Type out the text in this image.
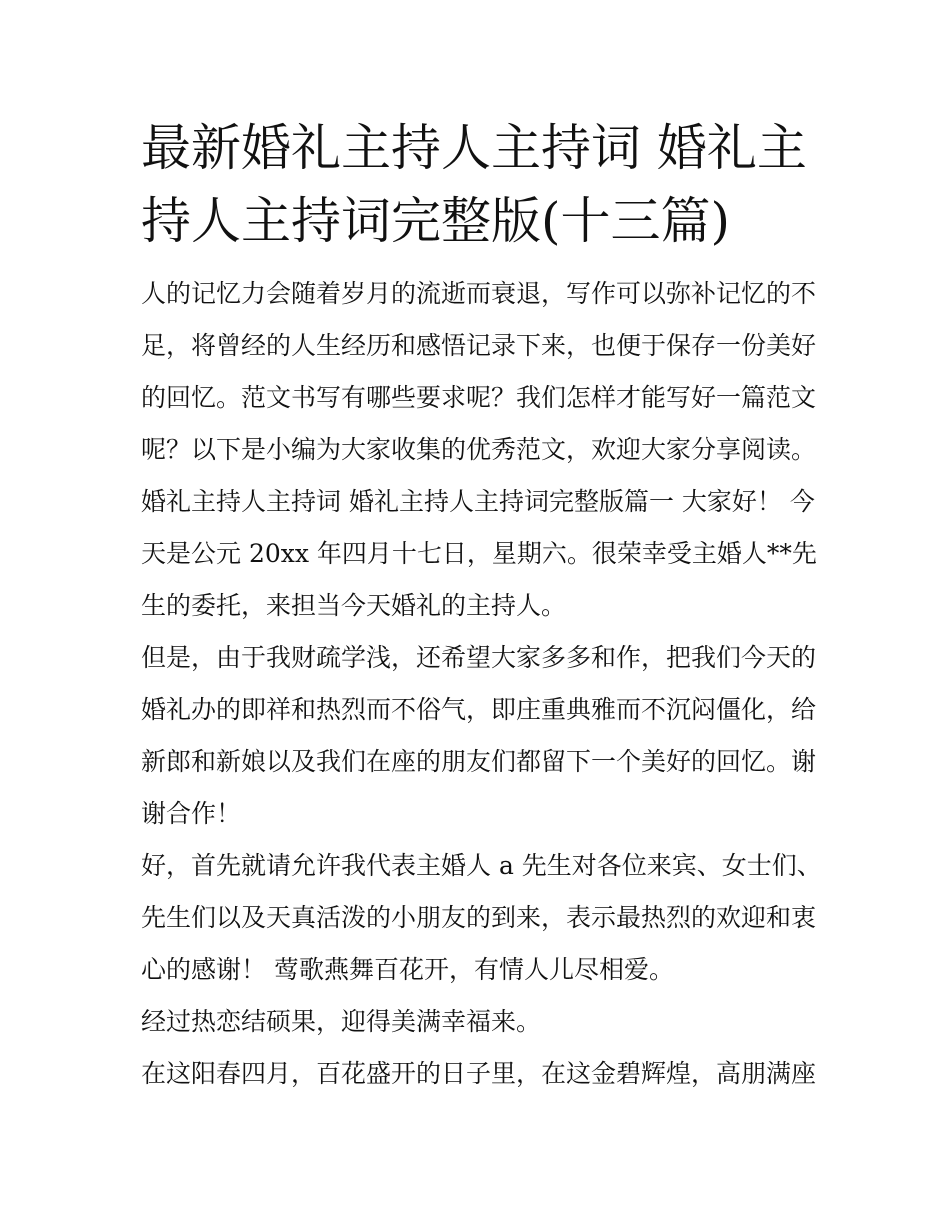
最新婚礼主持人主持词 婚礼主
持人主持词完整版(十三篇)
人的记忆力会随着岁月的流逝而衰退，写作可以弥补记忆的不
足，将曾经的人生经历和感悟记录下来，也便于保存一份美好
的回忆。范文书写有哪些要求呢？我们怎样才能写好一篇范文
呢？以下是小编为大家收集的优秀范文，欢迎大家分享阅读。
婚礼主持人主持词 婚礼主持人主持词完整版篇一 大家好！ 今
天是公元 20xx 年四月十七日，星期六。很荣幸受主婚人**先
生的委托，来担当今天婚礼的主持人。
但是，由于我财疏学浅，还希望大家多多和作，把我们今天的
婚礼办的即祥和热烈而不俗气，即庄重典雅而不沉闷僵化，给
新郎和新娘以及我们在座的朋友们都留下一个美好的回忆。谢
谢合作！
好，首先就请允许我代表主婚人 a 先生对各位来宾、女士们、
先生们以及天真活泼的小朋友的到来，表示最热烈的欢迎和衷
心的感谢！ 莺歌燕舞百花开，有情人儿尽相爱。
经过热恋结硕果，迎得美满幸福来。
在这阳春四月，百花盛开的日子里，在这金碧辉煌，高朋满座
